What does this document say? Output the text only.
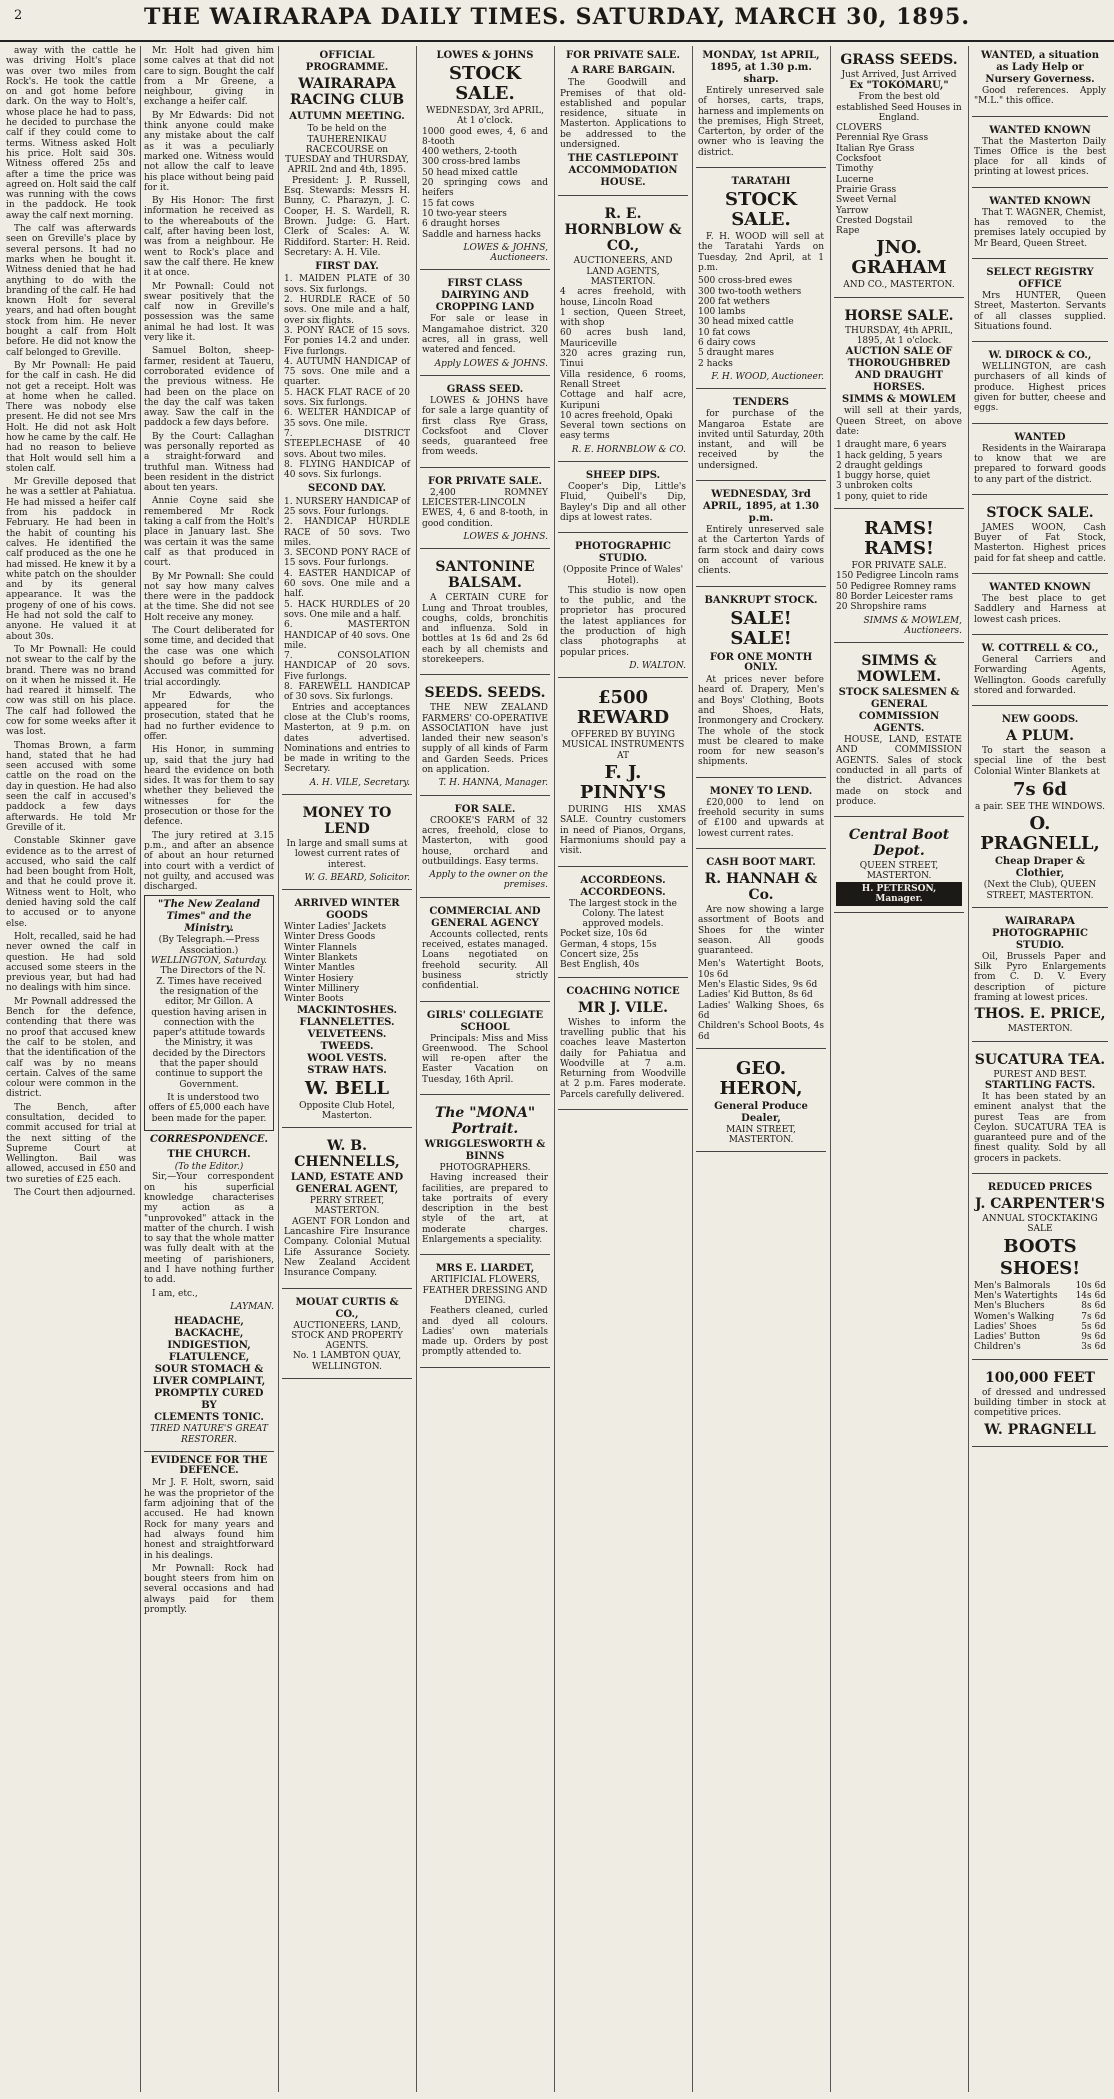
2	THE WAIRARAPA DAILY TIMES. SATURDAY, MARCH 30, 1895.

away with the cattle he was driving Holt's place was over two miles from Rock's. He took the cattle on and got home before dark. On the way to Holt's, whose place he had to pass, he decided to purchase the calf if they could come to terms. Witness asked Holt his price. Holt said 30s. Witness offered 25s and after a time the price was agreed on. Holt said the calf was running with the cows in the paddock. He took away the calf next morning.

The calf was afterwards seen on Greville's place by several persons. It had no marks when he bought it. Witness denied that he had anything to do with the branding of the calf. He had known Holt for several years, and had often bought stock from him. He never bought a calf from Holt before. He did not know the calf belonged to Greville.

By Mr Pownall: He paid for the calf in cash. He did not get a receipt. Holt was at home when he called. There was nobody else present. He did not see Mrs Holt. He did not ask Holt how he came by the calf. He had no reason to believe that Holt would sell him a stolen calf.

Mr Greville deposed that he was a settler at Pahiatua. He had missed a heifer calf from his paddock in February. He had been in the habit of counting his calves. He identified the calf produced as the one he had missed. He knew it by a white patch on the shoulder and by its general appearance. It was the progeny of one of his cows. He had not sold the calf to anyone. He valued it at about 30s.

To Mr Pownall: He could not swear to the calf by the brand. There was no brand on it when he missed it. He had reared it himself. The cow was still on his place. The calf had followed the cow for some weeks after it was lost.

Thomas Brown, a farm hand, stated that he had seen accused with some cattle on the road on the day in question. He had also seen the calf in accused's paddock a few days afterwards. He told Mr Greville of it.

Constable Skinner gave evidence as to the arrest of accused, who said the calf had been bought from Holt, and that he could prove it. Witness went to Holt, who denied having sold the calf to accused or to anyone else.

Holt, recalled, said he had never owned the calf in question. He had sold accused some steers in the previous year, but had had no dealings with him since.

Mr Pownall addressed the Bench for the defence, contending that there was no proof that accused knew the calf to be stolen, and that the identification of the calf was by no means certain. Calves of the same colour were common in the district.

The Bench, after consultation, decided to commit accused for trial at the next sitting of the Supreme Court at Wellington. Bail was allowed, accused in £50 and two sureties of £25 each.

The Court then adjourned.

Mr. Holt had given him some calves at that did not care to sign. Bought the calf from a Mr Greene, a neighbour, giving in exchange a heifer calf.

By Mr Edwards: Did not think anyone could make any mistake about the calf as it was a peculiarly marked one. Witness would not allow the calf to leave his place without being paid for it.

By His Honor: The first information he received as to the whereabouts of the calf, after having been lost, was from a neighbour. He went to Rock's place and saw the calf there. He knew it at once.

Mr Pownall: Could not swear positively that the calf now in Greville's possession was the same animal he had lost. It was very like it.

Samuel Bolton, sheep-farmer, resident at Taueru, corroborated evidence of the previous witness. He had been on the place on the day the calf was taken away. Saw the calf in the paddock a few days before.

By the Court: Callaghan was personally reported as a straight-forward and truthful man. Witness had been resident in the district about ten years.

Annie Coyne said she remembered Mr Rock taking a calf from the Holt's place in January last. She was certain it was the same calf as that produced in court.

By Mr Pownall: She could not say how many calves there were in the paddock at the time. She did not see Holt receive any money.

The Court deliberated for some time, and decided that the case was one which should go before a jury. Accused was committed for trial accordingly.

Mr Edwards, who appeared for the prosecution, stated that he had no further evidence to offer.

His Honor, in summing up, said that the jury had heard the evidence on both sides. It was for them to say whether they believed the witnesses for the prosecution or those for the defence.

The jury retired at 3.15 p.m., and after an absence of about an hour returned into court with a verdict of not guilty, and accused was discharged.

"The New Zealand Times" and the Ministry.
(By Telegraph.—Press Association.)
WELLINGTON, Saturday.

The Directors of the N. Z. Times have received the resignation of the editor, Mr Gillon. A question having arisen in connection with the paper's attitude towards the Ministry, it was decided by the Directors that the paper should continue to support the Government.

It is understood two offers of £5,000 each have been made for the paper.

CORRESPONDENCE.
THE CHURCH.
(To the Editor.)

Sir,—Your correspondent on his superficial knowledge characterises my action as a "unprovoked" attack in the matter of the church. I wish to say that the whole matter was fully dealt with at the meeting of parishioners, and I have nothing further to add.

I am, etc.,

LAYMAN.
HEADACHE,
BACKACHE,
INDIGESTION,
FLATULENCE,
SOUR STOMACH &
LIVER COMPLAINT,
PROMPTLY CURED BY
CLEMENTS TONIC.
TIRED NATURE'S GREAT RESTORER.
EVIDENCE FOR THE DEFENCE.

Mr J. F. Holt, sworn, said he was the proprietor of the farm adjoining that of the accused. He had known Rock for many years and had always found him honest and straightforward in his dealings.

Mr Pownall: Rock had bought steers from him on several occasions and had always paid for them promptly.

OFFICIAL PROGRAMME.
WAIRARAPA RACING CLUB
AUTUMN MEETING.
To be held on the TAUHERENIKAU RACECOURSE on TUESDAY and THURSDAY, APRIL 2nd and 4th, 1895.

President: J. P. Russell, Esq. Stewards: Messrs H. Bunny, C. Pharazyn, J. C. Cooper, H. S. Wardell, R. Brown. Judge: G. Hart. Clerk of Scales: A. W. Riddiford. Starter: H. Reid. Secretary: A. H. Vile.

FIRST DAY.
1. MAIDEN PLATE of 30 sovs. Six furlongs.
2. HURDLE RACE of 50 sovs. One mile and a half, over six flights.
3. PONY RACE of 15 sovs. For ponies 14.2 and under. Five furlongs.
4. AUTUMN HANDICAP of 75 sovs. One mile and a quarter.
5. HACK FLAT RACE of 20 sovs. Six furlongs.
6. WELTER HANDICAP of 35 sovs. One mile.
7. DISTRICT STEEPLECHASE of 40 sovs. About two miles.
8. FLYING HANDICAP of 40 sovs. Six furlongs.
SECOND DAY.
1. NURSERY HANDICAP of 25 sovs. Four furlongs.
2. HANDICAP HURDLE RACE of 50 sovs. Two miles.
3. SECOND PONY RACE of 15 sovs. Four furlongs.
4. EASTER HANDICAP of 60 sovs. One mile and a half.
5. HACK HURDLES of 20 sovs. One mile and a half.
6. MASTERTON HANDICAP of 40 sovs. One mile.
7. CONSOLATION HANDICAP of 20 sovs. Five furlongs.
8. FAREWELL HANDICAP of 30 sovs. Six furlongs.

Entries and acceptances close at the Club's rooms, Masterton, at 9 p.m. on dates advertised. Nominations and entries to be made in writing to the Secretary.

A. H. VILE, Secretary.
MONEY TO LEND
In large and small sums at lowest current rates of interest.
W. G. BEARD, Solicitor.
ARRIVED WINTER GOODS
Winter Ladies' Jackets
Winter Dress Goods
Winter Flannels
Winter Blankets
Winter Mantles
Winter Hosiery
Winter Millinery
Winter Boots
MACKINTOSHES.
FLANNELETTES.
VELVETEENS.
TWEEDS.
WOOL VESTS.
STRAW HATS.
W. BELL
Opposite Club Hotel, Masterton.
W. B. CHENNELLS,
LAND, ESTATE AND GENERAL AGENT,
PERRY STREET, MASTERTON.

AGENT FOR London and Lancashire Fire Insurance Company. Colonial Mutual Life Assurance Society. New Zealand Accident Insurance Company.

MOUAT CURTIS & CO.,
AUCTIONEERS, LAND, STOCK AND PROPERTY AGENTS.
No. 1 LAMBTON QUAY, WELLINGTON.
LOWES & JOHNS
STOCK SALE.
WEDNESDAY, 3rd APRIL, At 1 o'clock.
1000 good ewes, 4, 6 and 8-tooth
400 wethers, 2-tooth
300 cross-bred lambs
50 head mixed cattle
20 springing cows and heifers
15 fat cows
10 two-year steers
6 draught horses
Saddle and harness hacks
LOWES & JOHNS, Auctioneers.
FIRST CLASS DAIRYING AND CROPPING LAND

For sale or lease in Mangamahoe district. 320 acres, all in grass, well watered and fenced.

Apply LOWES & JOHNS.
GRASS SEED.

LOWES & JOHNS have for sale a large quantity of first class Rye Grass, Cocksfoot and Clover seeds, guaranteed free from weeds.

FOR PRIVATE SALE.

2,400 ROMNEY LEICESTER-LINCOLN EWES, 4, 6 and 8-tooth, in good condition.

LOWES & JOHNS.
SANTONINE BALSAM.

A CERTAIN CURE for Lung and Throat troubles, coughs, colds, bronchitis and influenza. Sold in bottles at 1s 6d and 2s 6d each by all chemists and storekeepers.

SEEDS. SEEDS.

THE NEW ZEALAND FARMERS' CO-OPERATIVE ASSOCIATION have just landed their new season's supply of all kinds of Farm and Garden Seeds. Prices on application.

T. H. HANNA, Manager.
FOR SALE.

CROOKE'S FARM of 32 acres, freehold, close to Masterton, with good house, orchard and outbuildings. Easy terms.

Apply to the owner on the premises.
COMMERCIAL AND GENERAL AGENCY

Accounts collected, rents received, estates managed. Loans negotiated on freehold security. All business strictly confidential.

GIRLS' COLLEGIATE SCHOOL

Principals: Miss and Miss Greenwood. The School will re-open after the Easter Vacation on Tuesday, 16th April.

The "MONA" Portrait.
WRIGGLESWORTH & BINNS
PHOTOGRAPHERS.

Having increased their facilities, are prepared to take portraits of every description in the best style of the art, at moderate charges. Enlargements a speciality.

MRS E. LIARDET,
ARTIFICIAL FLOWERS, FEATHER DRESSING AND DYEING.

Feathers cleaned, curled and dyed all colours. Ladies' own materials made up. Orders by post promptly attended to.

FOR PRIVATE SALE.
A RARE BARGAIN.

The Goodwill and Premises of that old-established and popular residence, situate in Masterton. Applications to be addressed to the undersigned.

THE CASTLEPOINT ACCOMMODATION HOUSE.
R. E. HORNBLOW & CO.,
AUCTIONEERS, AND LAND AGENTS, MASTERTON.
4 acres freehold, with house, Lincoln Road
1 section, Queen Street, with shop
60 acres bush land, Mauriceville
320 acres grazing run, Tinui
Villa residence, 6 rooms, Renall Street
Cottage and half acre, Kuripuni
10 acres freehold, Opaki
Several town sections on easy terms
R. E. HORNBLOW & CO.
SHEEP DIPS.

Cooper's Dip, Little's Fluid, Quibell's Dip, Bayley's Dip and all other dips at lowest rates.

PHOTOGRAPHIC STUDIO.
(Opposite Prince of Wales' Hotel).

This studio is now open to the public, and the proprietor has procured the latest appliances for the production of high class photographs at popular prices.

D. WALTON.
£500 REWARD
OFFERED BY BUYING MUSICAL INSTRUMENTS AT
F. J. PINNY'S

DURING HIS XMAS SALE. Country customers in need of Pianos, Organs, Harmoniums should pay a visit.

ACCORDEONS. ACCORDEONS.
The largest stock in the Colony. The latest approved models.
Pocket size, 10s 6d
German, 4 stops, 15s
Concert size, 25s
Best English, 40s
COACHING NOTICE
MR J. VILE.

Wishes to inform the travelling public that his coaches leave Masterton daily for Pahiatua and Woodville at 7 a.m. Returning from Woodville at 2 p.m. Fares moderate. Parcels carefully delivered.

MONDAY, 1st APRIL, 1895, at 1.30 p.m. sharp.

Entirely unreserved sale of horses, carts, traps, harness and implements on the premises, High Street, Carterton, by order of the owner who is leaving the district.

TARATAHI
STOCK SALE.

F. H. WOOD will sell at the Taratahi Yards on Tuesday, 2nd April, at 1 p.m.

500 cross-bred ewes
300 two-tooth wethers
200 fat wethers
100 lambs
30 head mixed cattle
10 fat cows
6 dairy cows
5 draught mares
2 hacks
F. H. WOOD, Auctioneer.
TENDERS

for purchase of the Mangaroa Estate are invited until Saturday, 20th instant, and will be received by the undersigned.

WEDNESDAY, 3rd APRIL, 1895, at 1.30 p.m.

Entirely unreserved sale at the Carterton Yards of farm stock and dairy cows on account of various clients.

BANKRUPT STOCK.
SALE! SALE!
FOR ONE MONTH ONLY.

At prices never before heard of. Drapery, Men's and Boys' Clothing, Boots and Shoes, Hats, Ironmongery and Crockery. The whole of the stock must be cleared to make room for new season's shipments.

MONEY TO LEND.

£20,000 to lend on freehold security in sums of £100 and upwards at lowest current rates.

CASH BOOT MART.
R. HANNAH & Co.

Are now showing a large assortment of Boots and Shoes for the winter season. All goods guaranteed.

Men's Watertight Boots, 10s 6d
Men's Elastic Sides, 9s 6d
Ladies' Kid Button, 8s 6d
Ladies' Walking Shoes, 6s 6d
Children's School Boots, 4s 6d
GEO. HERON,
General Produce Dealer,
MAIN STREET, MASTERTON.
GRASS SEEDS.
Just Arrived, Just Arrived
Ex "TOKOMARU,"
From the best old established Seed Houses in England.
CLOVERS
Perennial Rye Grass
Italian Rye Grass
Cocksfoot
Timothy
Lucerne
Prairie Grass
Sweet Vernal
Yarrow
Crested Dogstail
Rape
JNO. GRAHAM
AND CO., MASTERTON.
HORSE SALE.
THURSDAY, 4th APRIL, 1895, At 1 o'clock.
AUCTION SALE OF THOROUGHBRED AND DRAUGHT HORSES.
SIMMS & MOWLEM

will sell at their yards, Queen Street, on above date:

1 draught mare, 6 years
1 hack gelding, 5 years
2 draught geldings
1 buggy horse, quiet
3 unbroken colts
1 pony, quiet to ride
RAMS! RAMS!
FOR PRIVATE SALE.
150 Pedigree Lincoln rams
50 Pedigree Romney rams
80 Border Leicester rams
20 Shropshire rams
SIMMS & MOWLEM, Auctioneers.
SIMMS & MOWLEM.
STOCK SALESMEN & GENERAL COMMISSION AGENTS.

HOUSE, LAND, ESTATE AND COMMISSION AGENTS. Sales of stock conducted in all parts of the district. Advances made on stock and produce.

Central Boot Depot.
QUEEN STREET, MASTERTON.
H. PETERSON, Manager.
WANTED, a situation as Lady Help or Nursery Governess.

Good references. Apply "M.L." this office.

WANTED KNOWN

That the Masterton Daily Times Office is the best place for all kinds of printing at lowest prices.

WANTED KNOWN

That T. WAGNER, Chemist, has removed to the premises lately occupied by Mr Beard, Queen Street.

SELECT REGISTRY OFFICE

Mrs HUNTER, Queen Street, Masterton. Servants of all classes supplied. Situations found.

W. DIROCK & CO.,

WELLINGTON, are cash purchasers of all kinds of produce. Highest prices given for butter, cheese and eggs.

WANTED

Residents in the Wairarapa to know that we are prepared to forward goods to any part of the district.

STOCK SALE.

JAMES WOON, Cash Buyer of Fat Stock, Masterton. Highest prices paid for fat sheep and cattle.

WANTED KNOWN

The best place to get Saddlery and Harness at lowest cash prices.

W. COTTRELL & CO.,

General Carriers and Forwarding Agents, Wellington. Goods carefully stored and forwarded.

NEW GOODS.
A PLUM.

To start the season a special line of the best Colonial Winter Blankets at

7s 6d
a pair. SEE THE WINDOWS.
O. PRAGNELL,
Cheap Draper & Clothier,
(Next the Club), QUEEN STREET, MASTERTON.
WAIRARAPA PHOTOGRAPHIC STUDIO.

Oil, Brussels Paper and Silk Pyro Enlargements from C. D. V. Every description of picture framing at lowest prices.

THOS. E. PRICE,
MASTERTON.
SUCATURA TEA.
PUREST AND BEST.
STARTLING FACTS.

It has been stated by an eminent analyst that the purest Teas are from Ceylon. SUCATURA TEA is guaranteed pure and of the finest quality. Sold by all grocers in packets.

REDUCED PRICES
J. CARPENTER'S
ANNUAL STOCKTAKING SALE
BOOTS
SHOES!
Men's Balmorals	10s 6d
Men's Watertights 14s 6d
Men's Bluchers	8s 6d
Women's Walking	7s 6d
Ladies' Shoes	5s 6d
Ladies' Button	9s 6d
Children's	3s 6d
100,000 FEET

of dressed and undressed building timber in stock at competitive prices.

W. PRAGNELL
